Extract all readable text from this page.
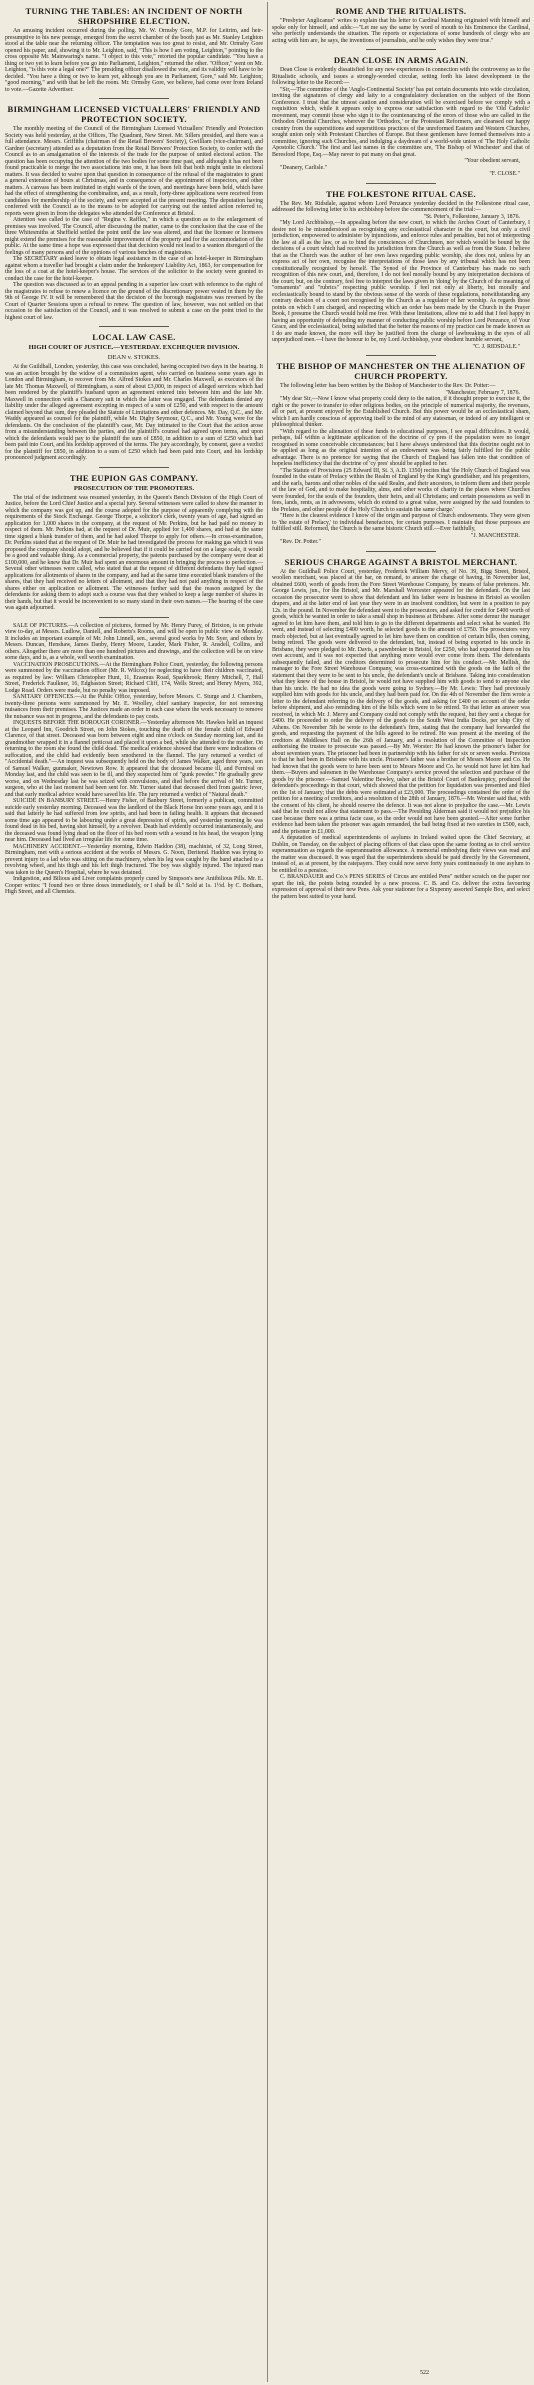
TURNING THE TABLES: AN INCIDENT OF NORTH SHROPSHIRE ELECTION.

An amusing incident occurred during the polling. Mr. W. Ormsby Gore, M.P. for Leitrim, and heir-presumptive to his new peerage, emerged from the secret chamber of the booth just as Mr. Stanley Leighton stood at the table near the returning officer. The temptation was too great to resist, and Mr. Ormsby Gore opened his paper, and, showing it to Mr. Leighton, said, "This is how I am voting, Leighton," pointing to the cross opposite Mr. Mainwaring's name. "I object to this vote," retorted the popular candidate. "You have a thing or two yet to learn before you go into Parliament, Leighton," returned the other. "Officer," went on Mr. Leighton, "is this vote a legal one?" The presiding officer disallowed the vote, and its validity will have to be decided. "You have a thing or two to learn yet, although you are in Parliament, Gore," said Mr. Leighton; "good morning," and with that he left the room. Mr. Ormsby Gore, we believe, had come over from Ireland to vote.—Gazette Advertiser.

BIRMINGHAM LICENSED VICTUALLERS' FRIENDLY AND PROTECTION SOCIETY.

The monthly meeting of the Council of the Birmingham Licensed Victuallers' Friendly and Protection Society was held yesterday, at the Offices, The Quadrant, New Street. Mr. Sillers presided, and there was a full attendance. Messrs. Griffiths (chairman of the Retail Brewers' Society), Gwilliam (vice-chairman), and Gardner (secretary) attended as a deputation from the Retail Brewers' Protection Society, to confer with the Council as to an amalgamation of the interests of the trade for the purpose of united electoral action. The question has been occupying the attention of the two bodies for some time past, and although it has not been found practicable to merge the two associations into one, it has been felt that both might unite in electoral matters. It was decided to waive upon that question in consequence of the refusal of the magistrates to grant a general extension of hours at Christmas, and in consequence of the appointment of inspectors, and other matters. A canvass has been instituted in eight wards of the town, and meetings have been held, which have had the effect of strengthening the combination, and, as a result, forty-three applications were received from candidates for membership of the society, and were accepted at the present meeting. The deputation having conferred with the Council as to the means to be adopted for carrying out the united action referred to, reports were given in from the delegates who attended the Conference at Bristol.

Attention was called to the case of "Regina v. Raffles," in which a question as to the enlargement of premises was involved. The Council, after discussing the matter, came to the conclusion that the case of the three Whitesmiths at Sheffield settled the point until the law was altered, and that the licensee or licensees might extend the premises for the reasonable improvement of the property and for the accommodation of the public. At the same time a hope was expressed that that decision would not lead to a wanton disregard of the feelings of many persons and of the opinions of various benches of magistrates.

The SECRETARY asked leave to obtain legal assistance in the case of an hotel-keeper in Birmingham against whom a traveller had brought a claim under the Innkeepers' Liability Act, 1863, for compensation for the loss of a coat at the hotel-keeper's house. The services of the solicitor to the society were granted to conduct the case for the hotel-keeper.

The question was discussed as to an appeal pending in a superior law court with reference to the right of the magistrates to refuse to renew a licence on the ground of the discretionary power vested in them by the 9th of George IV. It will be remembered that the decision of the borough magistrates was reversed by the Court of Quarter Sessions upon a refusal to renew. The question of law, however, was not settled on that occasion to the satisfaction of the Council, and it was resolved to submit a case on the point tried to the highest court of law.

LOCAL LAW CASE.
HIGH COURT OF JUSTICE.—YESTERDAY. EXCHEQUER DIVISION.
DEAN v. STOKES.

At the Guildhall, London, yesterday, this case was concluded, having occupied two days in the hearing. It was an action brought by the widow of a commission agent, who carried on business some years ago in London and Birmingham, to recover from Mr. Alfred Stokes and Mr. Charles Maxwell, as executors of the late Mr. Thomas Maxwell, of Birmingham, a sum of about £3,000, in respect of alleged services which had been rendered by the plaintiff's husband upon an agreement entered into between him and the late Mr. Maxwell in connection with a Chancery suit in which the latter was engaged. The defendants denied any liability under the alleged agreement excepting in respect of a sum of £250, and with respect to the amount claimed beyond that sum, they pleaded the Statute of Limitations and other defences. Mr. Day, Q.C., and Mr. Waddy appeared as counsel for the plaintiff, while Mr. Digby Seymour, Q.C., and Mr. Young were for the defendants. On the conclusion of the plaintiff's case, Mr. Day intimated to the Court that the action arose from a misunderstanding between the parties, and the plaintiff's counsel had agreed upon terms, and upon which the defendants would pay to the plaintiff the sum of £850, in addition to a sum of £250 which had been paid into Court, and his lordship approved of the terms. The jury accordingly, by consent, gave a verdict for the plaintiff for £850, in addition to a sum of £250 which had been paid into Court, and his lordship pronounced judgment accordingly.

THE EUPION GAS COMPANY.
PROSECUTION OF THE PROMOTERS.

The trial of the indictment was resumed yesterday, in the Queen's Bench Division of the High Court of Justice, before the Lord Chief Justice and a special jury. Several witnesses were called to show the manner in which the company was got up, and the course adopted for the purpose of apparently complying with the requirements of the Stock Exchange. George Thorpe, a solicitor's clerk, twenty years of age, had signed an application for 1,000 shares in the company, at the request of Mr. Perkins, but he had paid no money in respect of them. Mr. Perkins had, at the request of Dr. Muir, applied for 1,400 shares, and had at the same time signed a blank transfer of them, and he had asked Thorpe to apply for others.—In cross-examination, Dr. Perkins stated that at the request of Dr. Muir he had investigated the process for making gas which it was proposed the company should adopt, and he believed that if it could be carried out on a large scale, it would be a good and valuable thing. As a commercial property, the patents purchased by the company were dear at £100,000, and he knew that Dr. Muir had spent an enormous amount in bringing the process to perfection.—Several other witnesses were called, who stated that at the request of different defendants they had signed applications for allotments of shares in the company, and had at the same time executed blank transfers of the shares, that they had received no letters of allotment, and that they had not paid anything in respect of the shares either on application or allotment. The witnesses further said that the reason assigned by the defendants for asking them to adopt such a course was that they wished to keep a large number of shares in their hands, but that it would be inconvenient to so many stand in their own names.—The hearing of the case was again adjourned.

SALE OF PICTURES.—A collection of pictures, formed by Mr. Henry Furey, of Brixton, is on private view to-day, at Messrs. Ludlow, Daniell, and Roberts's Rooms, and will be open to public view on Monday. It includes an important example of Mr. John Linnell, sen., several good works by Mr. Syer, and others by Messrs. Duncan, Henshaw, James Danby, Henry Moore, Lauder, Mark Fisher, R. Ansdell, Collins, and others. Altogether there are more than one hundred pictures and drawings, and the collection will be on view some days, and is, as a whole, well worth examination.

VACCINATION PROSECUTIONS.—At the Birmingham Police Court, yesterday, the following persons were summoned by the vaccination officer (Mr. R. Wilcox) for neglecting to have their children vaccinated, as required by law: William Christopher Hunt, 11, Erasmus Road, Sparkbrook; Henry Mitchell, 7, Hall Street, Frederick Faulkner, 16, Edgbaston Street; Richard Cliff, 174, Wells Street; and Henry Myers, 392, Lodge Road. Orders were made, but no penalty was imposed.

SANITARY OFFENCES.—At the Public Office, yesterday, before Messrs. C. Sturge and J. Chambers, twenty-three persons were summoned by Mr. E. Woolley, chief sanitary inspector, for not removing nuisances from their premises. The Justices made an order in each case where the work necessary to remove the nuisance was not in progress, and the defendants to pay costs.

INQUESTS BEFORE THE BOROUGH CORONER.—Yesterday afternoon Mr. Hawkes held an inquest at the Leopard Inn, Goodrich Street, on John Stokes, touching the death of the female child of Edward Clarence, of that street. Deceased was born between eight and nine o'clock on Sunday morning last, and its grandmother wrapped it in a flannel petticoat and placed it upon a bed, while she attended to the mother. On returning to the room she found the child dead. The medical evidence showed that there were indications of suffocation, and the child had evidently been smothered in the flannel. The jury returned a verdict of "Accidental death."—An inquest was subsequently held on the body of James Walker, aged three years, son of Samuel Walker, gunmaker, Newtown Row. It appeared that the deceased became ill, and Fernival on Monday last, and the child was seen to be ill, and they suspected him of "gunk powder." He gradually grew worse, and on Wednesday last he was seized with convulsions, and died before the arrival of Mr. Turner, surgeon, who at the last moment had been sent for. Mr. Turner stated that deceased died from gastric fever, and that early medical advice would have saved his life. The jury returned a verdict of "Natural death."

SUICIDE IN BANBURY STREET.—Henry Fisher, of Banbury Street, formerly a publican, committed suicide early yesterday morning. Deceased was the landlord of the Black Horse Inn some years ago, and it is said that latterly he had suffered from low spirits, and had been in failing health. It appears that deceased some time ago appeared to be labouring under a great depression of spirits, and yesterday morning he was found dead in his bed, having shot himself, by a revolver. Death had evidently occurred instantaneously, and the deceased was found lying dead on the floor of his bed room with a wound in his head, the weapon lying near him. Deceased had lived an irregular life for some time.

MACHINERY ACCIDENT.—Yesterday morning, Edwin Haddon (38), machinist, of 32, Long Street, Birmingham, met with a serious accident at the works of Messrs. G. Noon, Deritend. Haddon was trying to prevent injury to a lad who was sitting on the machinery, when his leg was caught by the band attached to a revolving wheel, and his thigh and his left thigh fractured. The boy was slightly injured. The injured man was taken to the Queen's Hospital, where he was detained.

Indigestion, and Bilious and Liver complaints properly cured by Simpson's new Antibilious Pills. Mr. E. Cooper writes: "I found two or three doses immediately, or I shall be ill." Sold at 1s. 1½d. by C. Botham, High Street, and all Chemists.

ROME AND THE RITUALISTS.

"Presbyter Anglicanus" writes to explain that his letter to Cardinal Manning originated with himself and spoke only for himself, and adds:—"Let me say the same by word of mouth to his Eminence the Cardinal, who perfectly understands the situation. The reports or expectations of some hundreds of clergy who are acting with him are, he says, the inventions of journalists, and he only wishes they were true."

DEAN CLOSE IN ARMS AGAIN.

Dean Close is evidently dissatisfied for any new experiences in connection with the controversy as to the Ritualistic schools, and issues a strongly-worded circular, setting forth his latest development in the following letter to the Record:—

"Sir,—The committee of the 'Anglo-Continental Society' has put certain documents into wide circulation, inviting the signatures of clergy and laity to a congratulatory declaration on the subject of the Bonn Conference. I trust that the utmost caution and consideration will be exercised before we comply with a requisition which, while it appears only to express our satisfaction with regard to the 'Old Catholic' movement, may commit those who sign it to the countenancing of the errors of those who are called in the Orthodox Oriental Churches, wherever the 'Orthodox,' or the Protestant Reformers, are cleansed our happy country from the superstitions and superstitious practices of the unreformed Eastern and Western Churches, sought union only with Protestant Churches of Europe. But these gentlemen have formed themselves into a committee, ignoring such Churches, and indulging a daydream of a world-wide union of 'The Holy Catholic Apostolic Church.' The first and last names in the committee are, 'The Bishop of Winchester' and that of Beresford Hope, Esq.—May never to put many on that great.

"Your obedient servant,

"Deanery, Carlisle."

"F. CLOSE."
THE FOLKESTONE RITUAL CASE.

The Rev. Mr. Ridsdale, against whom Lord Penzance yesterday decided in the Folkestone ritual case, addressed the following letter to his archbishop before the commencement of the trial:—

"St. Peter's, Folkestone, January 3, 1876.

"My Lord Archbishop,—In appealing before the new court, to which the Arches Court of Canterbury, I desire not to be misunderstood as recognising any ecclesiastical character in the court, but only a civil jurisdiction, empowered to administer by injunctions, and enforce rules and penalties, but not of interpreting the law at all as the law, or as to bind the consciences of Churchmen, nor which would be bound by the decisions of a court which had received its jurisdiction from the Church as well as from the State. I believe that as the Church was the author of her own laws regarding public worship, she does not, unless by an express act of her own, recognise the interpretations of those laws by any tribunal which has not been constitutionally recognised by herself. The Synod of the Province of Canterbury has made no such recognition of this new court, and, therefore, I do not feel morally bound by any interpretation decisions of the court; but, on the contrary, feel free to interpret the laws given in 'doing' by the Church of the meaning of "ornaments" and "rubrics" respecting public worship. I feel not only at liberty, but morally and ecclesiastically bound to stand by the obvious sense of the words of these regulations, notwithstanding any contrary decision of a court not recognised by the Church as a regulator of her worship. As regards those points on which I am charged, and respecting which an order has been made by the Church in the Prayer Book, I presume the Church would hold me free. With these limitations, allow me to add that I feel happy in having an opportunity of defending my manner of conducting public worship before Lord Penzance, of Your Grace, and the ecclesiastical, being satisfied that the better the reasons of my practice can be made known as I do are made known, the more will they be justified from the charge of lawbreaking in the eyes of all unprejudiced men.—I have the honour to be, my Lord Archbishop, your obedient humble servant,

"C. J. RIDSDALE."
THE BISHOP OF MANCHESTER ON THE ALIENATION OF CHURCH PROPERTY.

The following letter has been written by the Bishop of Manchester to the Rev. Dr. Potter:—

"Manchester, February 7, 1876.

"My dear Sir,—Now I know what property could deny to the nation, if it thought proper to exercise it, the right or the power to transfer to other religious bodies, on the principle of numerical majority, the revenues, all or part, at present enjoyed by the Established Church. But this power would be an ecclesiastical sham, which I am hardly conscious of approving itself to the mind of any statesman, or indeed of any intelligent or philosophical thinker.

"With regard to the alienation of these funds to educational purposes, I see equal difficulties. It would, perhaps, fall within a legitimate application of the doctrine of cy pres if the population were no longer recognised in some conceivable circumstances; but I have always understood that this doctrine ought not to be applied as long as the original intention of an endowment was being fairly fulfilled for the public advantage. There is no pretence for saying that the Church of England has fallen into that condition of hopeless inefficiency that the doctrine of 'cy pres' should be applied to her.

"The Statute of Provisions (25 Edward III, St. 3, A.D. 1350) recites that 'the Holy Church of England was founded in the estate of Prelacy within the Realm of England by the King's grandfather, and his progenitors, and the earls, barons and other nobles of the said Realm, and their ancestors, to inform them and their people of the law of God, and to make hospitality, alms, and other works of charity in the places where Churches were founded, for the souls of the founders, their heirs, and all Christians; and certain possessions as well in fees, lands, rents, as in advowsons, which do extend to a great value, were assigned by the said founders to the Prelates, and other people of the Holy Church to sustain the same charge.'

"Here is the clearest evidence I know of the origin and purpose of Church endowments. They were given to 'the estate of Prelacy,' to individual benefactors, for certain purposes. I maintain that those purposes are fulfilled still. Reformed, the Church is the same historic Church still.—Ever faithfully,

"J. MANCHESTER.

"Rev. Dr. Potter."

SERIOUS CHARGE AGAINST A BRISTOL MERCHANT.

At the Guildhall Police Court, yesterday, Frederick William Mervy, of No. 39, Bigg Street, Bristol, woollen merchant, was placed at the bar, on remand, to answer the charge of having, in November last, obtained £600, worth of goods from the Fore Street Warehouse Company, by means of false pretences. Mr. George Lewis, jun., for the Bristol, and Mr. Marshall Worcester appeared for the defendant. On the last occasion the prosecutor went to show that defendant and his father were in business in Bristol as woollen drapers, and at the latter end of last year they were in an insolvent condition, but were in a position to pay 12s. in the pound. In November the defendant went to the prosecutors, and asked for credit for £400 worth of goods, which he wanted in order to take a small shop in business at Brisbane. After some demur the manager agreed to let him have them, and told him to go to the different departments and select what he wanted. He went, and instead of selecting £400 worth, he selected goods to the amount of £750. The prosecutors very much objected, but at last eventually agreed to let him have them on condition of certain bills, then coming, being retired. The goods were delivered to the defendant, but, instead of being exported to his uncle in Brisbane, they were pledged to Mr. Davis, a pawnbroker in Bristol, for £250, who had exported them on his own account, and it was not expected that anything more would ever come from them. The defendants subsequently failed, and the creditors determined to prosecute him for his conduct.—Mr. Mellish, the manager to the Fore Street Warehouse Company, was cross-examined with the goods on the faith of the statement that they were to be sent to his uncle, the defendant's uncle at Brisbane. Taking into consideration what they knew of the house in Bristol, he would not have supplied him with goods to send to anyone else than his uncle. He had no idea the goods were going to Sydney.—By Mr. Lewis: They had previously supplied him with goods for his uncle, and they had been paid for. On the 4th of November the firm wrote a letter to the defendant referring to the delivery of the goods, and asking for £400 on account of the order before shipment, and also reminding him of the bills which were to be retired. To that letter an answer was received, in which Mr. J. Mervy and Company could not comply with the request, but they sent a cheque for £400. He proceeded to order the delivery of the goods to the South West India Docks, per ship City of Athens. On November 5th he wrote to the defendant's firm, stating that the company had forwarded the goods, and requesting the payment of the bills agreed to be retired. He was present at the meeting of the creditors at Middlesex Hall on the 26th of January, and a resolution of the Committee of Inspection authorising the trustee to prosecute was passed.—By Mr. Worster: He had known the prisoner's father for about seventeen years. The prisoner had been in partnership with his father for six or seven weeks. Previous to that he had been in Brisbane with his uncle. Prisoner's father was a brother of Messrs Moore and Co. He had known that the goods were to have been sent to Messrs Moore and Co. he would not have let him had them.—Buyers and salesmen in the Warehouse Company's service proved the selection and purchase of the goods by the prisoner.—Samuel Valentine Bewley, usher at the Bristol Court of Bankruptcy, produced the defendant's proceedings in that court, which showed that the petition for liquidation was presented and filed on the 1st of January; that the debts were estimated at £23,000. The proceedings contained the order of the petition for a meeting of creditors, and a resolution of the 28th of January, 1876.—Mr. Worster said that, with the consent of his client, he should reserve the defence. It was not alone to prejudice the case.—Mr. Lewis said that he could not allow that statement to pass.—The Presiding Alderman said it would not prejudice his case because there was a prima facie case, so the order would not have been granted.—After some further evidence had been taken the prisoner was again remanded, the bail being fixed at two sureties in £500, each, and the prisoner in £1,000.

A deputation of medical superintendents of asylums in Ireland waited upon the Chief Secretary, at Dublin, on Tuesday, on the subject of placing officers of that class upon the same footing as to civil service superannuation as regards the superannuation allowance. A memorial embodying their views was read and the matter was discussed. It was urged that the superintendents should be paid directly by the Government, instead of, as at present, by the ratepayers. They could now serve forty years continuously in one asylum to be entitled to a pension.

C. BRANDAUER and Co.'s PENS SERIES of Circus are entitled Pens" neither scratch on the paper nor spurt the ink, the points being rounded by a new process. C. B. and Co. deliver the extra favouring expression of approval of their new Pens. Ask your stationer for a Sixpenny assorted Sample Box, and select the pattern best suited to your hand.

522
